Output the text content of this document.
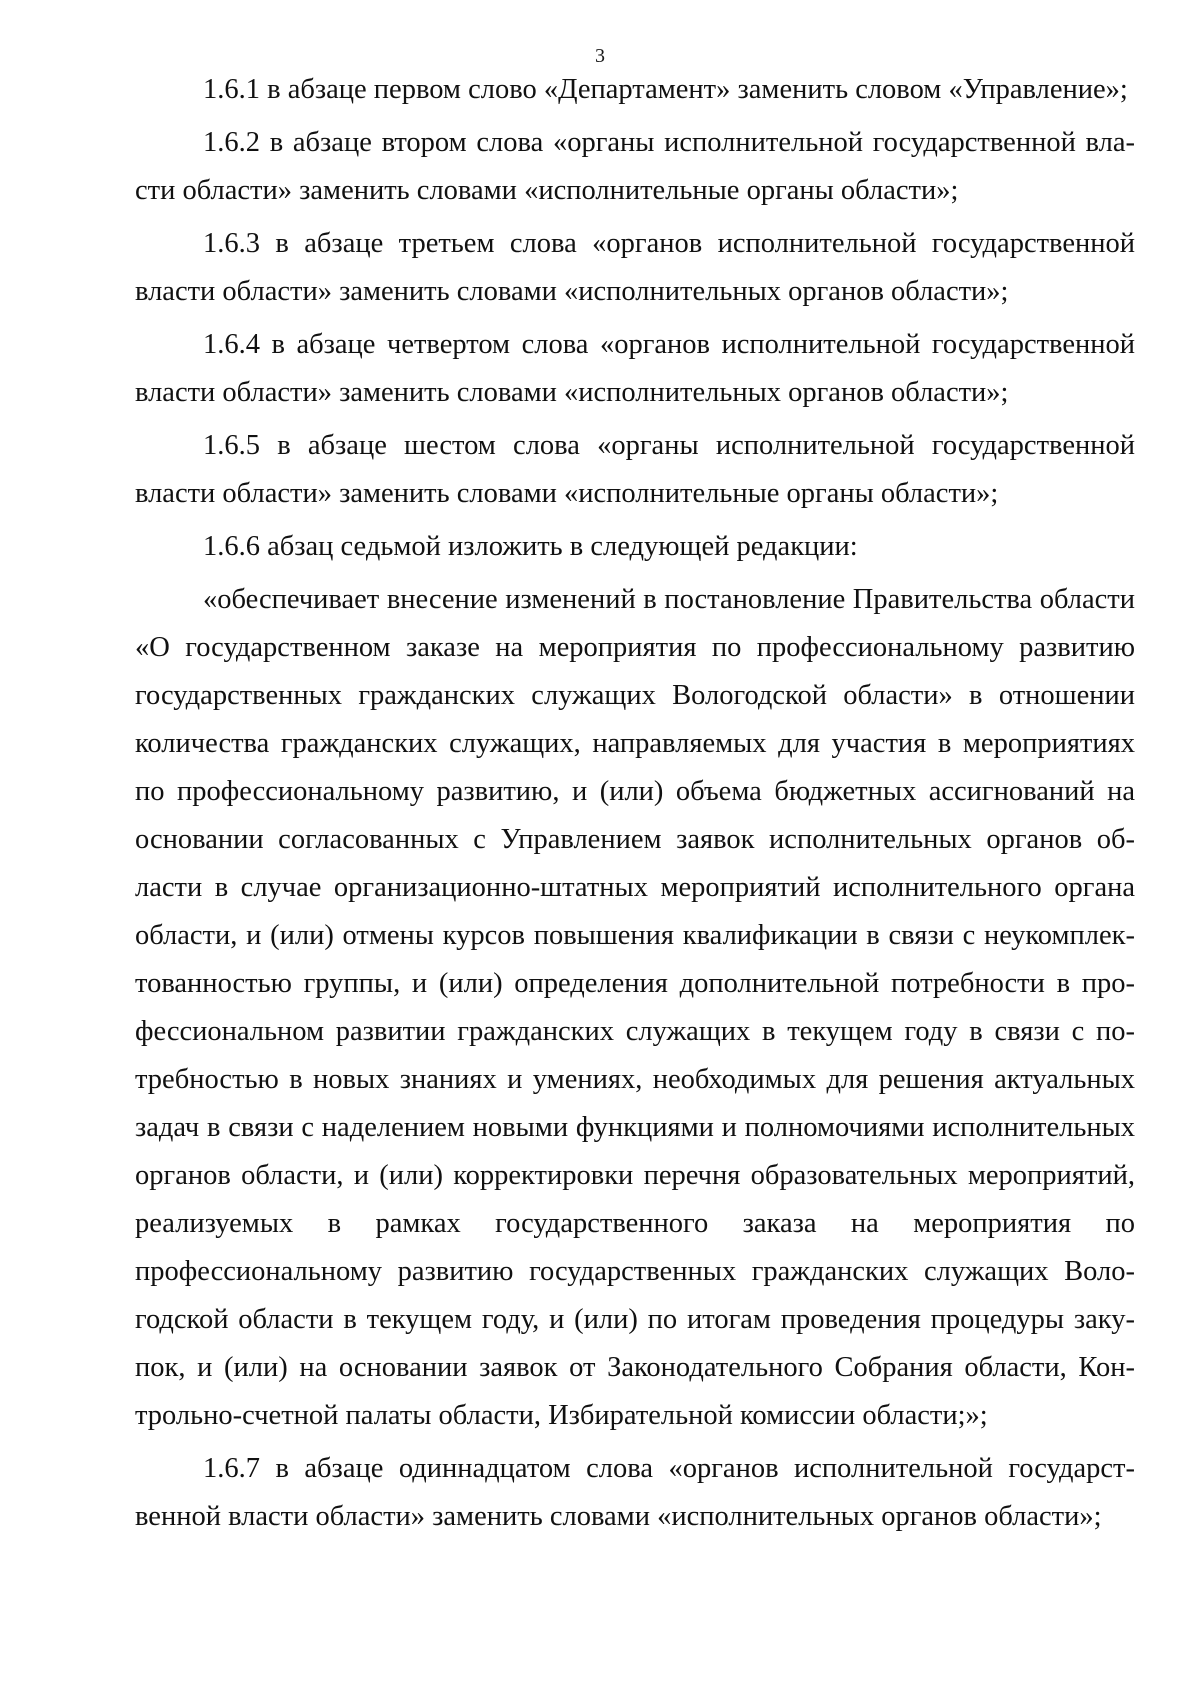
3

1.6.1 в абзаце первом слово «Департамент» заменить словом «Управление»;

1.6.2 в абзаце втором слова «органы исполнительной государственной власти области» заменить словами «исполнительные органы области»;

1.6.3 в абзаце третьем слова «органов исполнительной государственной власти области» заменить словами «исполнительных органов области»;

1.6.4 в абзаце четвертом слова «органов исполнительной государственной власти области» заменить словами «исполнительных органов области»;

1.6.5 в абзаце шестом слова «органы исполнительной государственной власти области» заменить словами «исполнительные органы области»;

1.6.6 абзац седьмой изложить в следующей редакции:

«обеспечивает внесение изменений в постановление Правительства области «О государственном заказе на мероприятия по профессиональному развитию государственных гражданских служащих Вологодской области» в отношении количества гражданских служащих, направляемых для участия в мероприятиях по профессиональному развитию, и (или) объема бюджетных ассигнований на основании согласованных с Управлением заявок исполнительных органов области в случае организационно-штатных мероприятий исполнительного органа области, и (или) отмены курсов повышения квалификации в связи с неукомплектованностью группы, и (или) определения дополнительной потребности в профессиональном развитии гражданских служащих в текущем году в связи с потребностью в новых знаниях и умениях, необходимых для решения актуальных задач в связи с наделением новыми функциями и полномочиями исполнительных органов области, и (или) корректировки перечня образовательных мероприятий, реализуемых в рамках государственного заказа на мероприятия по профессиональному развитию государственных гражданских служащих Вологодской области в текущем году, и (или) по итогам проведения процедуры закупок, и (или) на основании заявок от Законодательного Собрания области, Контрольно-счетной палаты области, Избирательной комиссии области;»;

1.6.7 в абзаце одиннадцатом слова «органов исполнительной государственной власти области» заменить словами «исполнительных органов области»;
